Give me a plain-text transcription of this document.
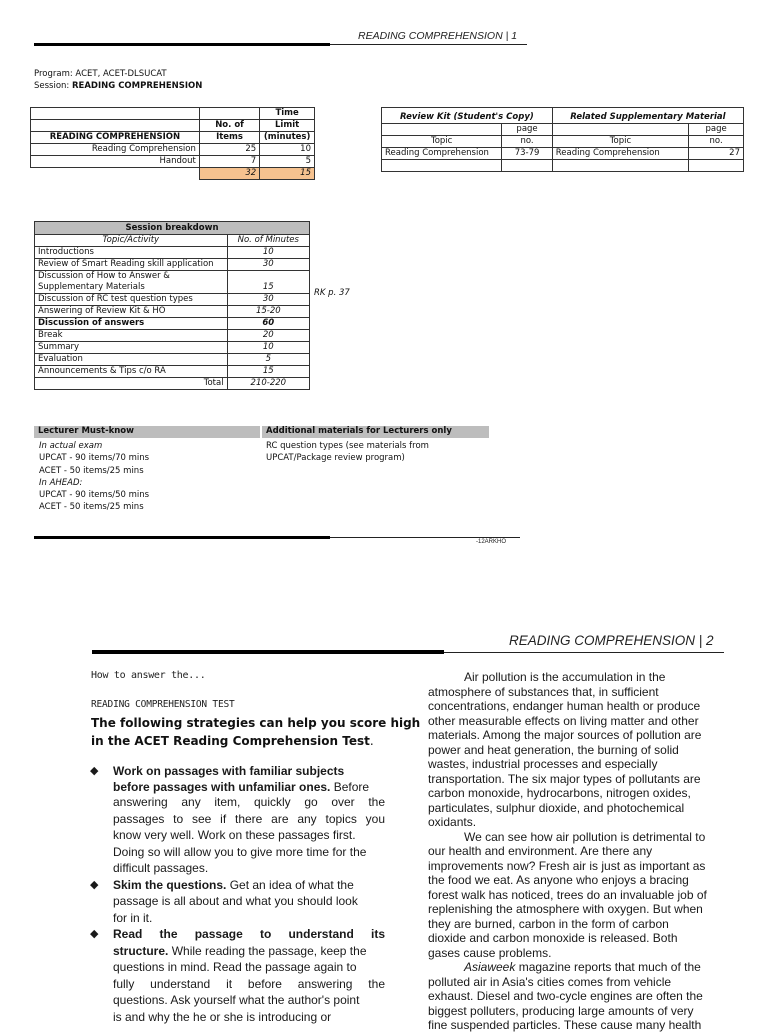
READING COMPREHENSION | 1
Program: ACET, ACET-DLSUCAT
Session: READING COMPREHENSION
		Time
	No. of	Limit
READING COMPREHENSION	Items	(minutes)
Reading Comprehension	25	10
Handout	7	5
	32	15
Review Kit (Student's Copy)		Related Supplementary Material	
	page		page
Topic	no.	Topic	no.
Reading Comprehension	73-79	Reading Comprehension	27

Session breakdown	
Topic/Activity	No. of Minutes
Introductions	10
Review of Smart Reading skill application	30
Discussion of How to Answer &
Supplementary Materials	15
Discussion of RC test question types	30
Answering of Review Kit & HO	15-20
Discussion of answers	60
Break	20
Summary	10
Evaluation	5
Announcements & Tips c/o RA	15
Total	210-220
RK p. 37
Lecturer Must-know	Additional materials for Lecturers only
In actual exam
UPCAT - 90 items/70 mins
ACET - 50 items/25 mins
In AHEAD:
UPCAT - 90 items/50 mins
ACET - 50 items/25 mins
RC question types (see materials from
UPCAT/Package review program)
-12ARKHO
READING COMPREHENSION | 2
How to answer the...
READING COMPREHENSION TEST
The following strategies can help you score high
in the ACET Reading Comprehension Test.
◆ Work on passages with familiar subjects
before passages with unfamiliar ones. Before
answering any item, quickly go over the
passages to see if there are any topics you
know very well. Work on these passages first.
Doing so will allow you to give more time for the
difficult passages.
◆ Skim the questions. Get an idea of what the
passage is all about and what you should look
for in it.
◆ Read the passage to understand its
structure. While reading the passage, keep the
questions in mind. Read the passage again to
fully understand it before answering the
questions. Ask yourself what the author's point
is and why the he or she is introducing or
Air pollution is the accumulation in the
atmosphere of substances that, in sufficient
concentrations, endanger human health or produce
other measurable effects on living matter and other
materials. Among the major sources of pollution are
power and heat generation, the burning of solid
wastes, industrial processes and especially
transportation. The six major types of pollutants are
carbon monoxide, hydrocarbons, nitrogen oxides,
particulates, sulphur dioxide, and photochemical
oxidants.
We can see how air pollution is detrimental to
our health and environment. Are there any
improvements now? Fresh air is just as important as
the food we eat. As anyone who enjoys a bracing
forest walk has noticed, trees do an invaluable job of
replenishing the atmosphere with oxygen. But when
they are burned, carbon in the form of carbon
dioxide and carbon monoxide is released. Both
gases cause problems.
Asiaweek magazine reports that much of the
polluted air in Asia's cities comes from vehicle
exhaust. Diesel and two-cycle engines are often the
biggest polluters, producing large amounts of very
fine suspended particles. These cause many health
